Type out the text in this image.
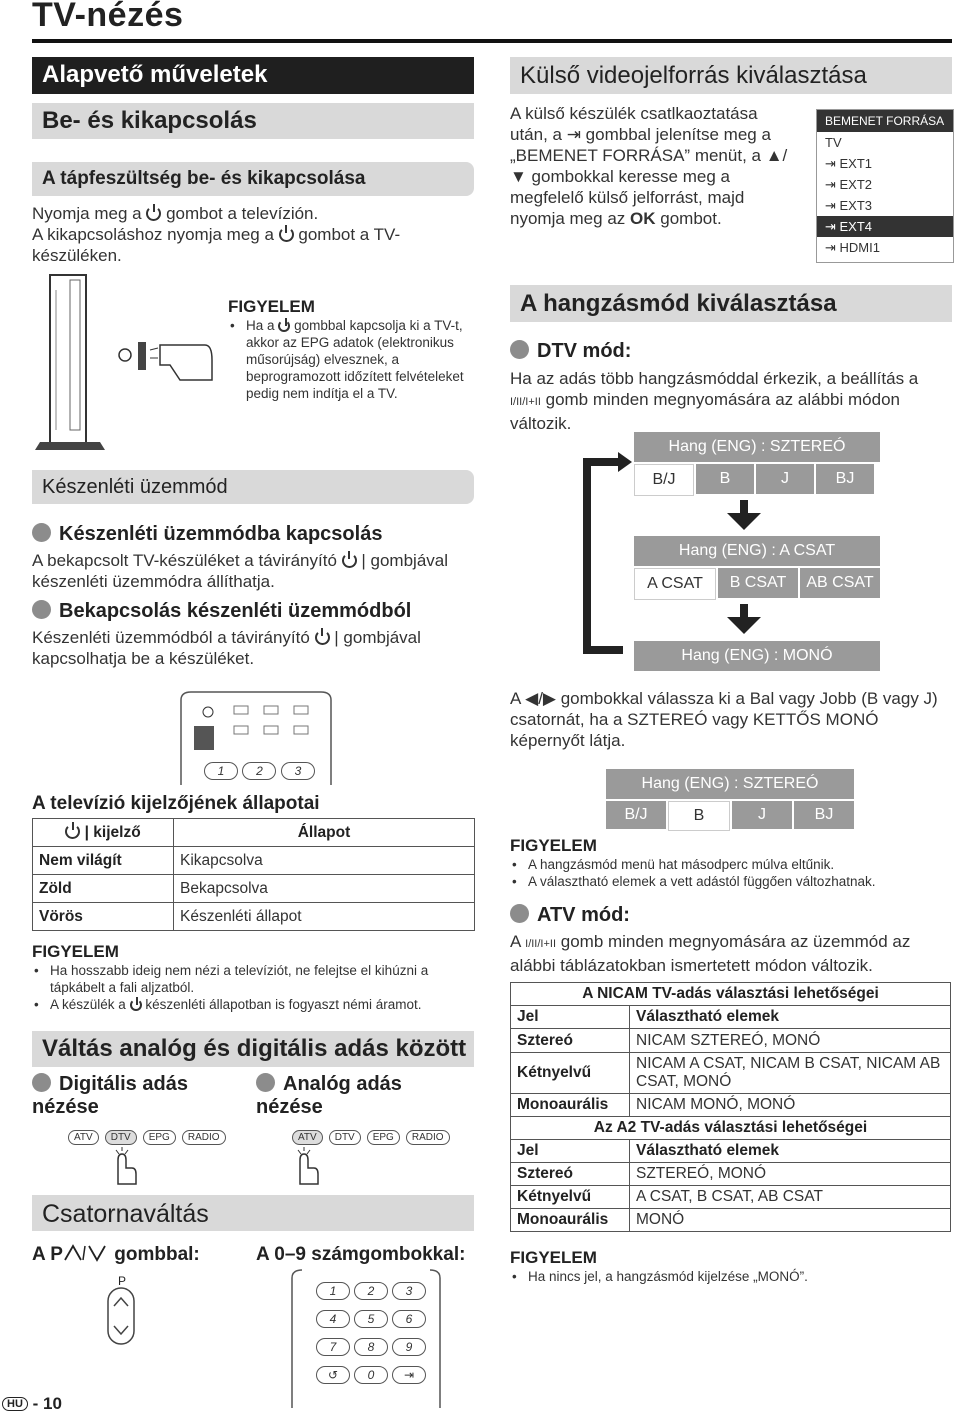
TV-nézés
Alapvető műveletek
Be- és kikapcsolás
A tápfeszültség be- és kikapcsolása
Nyomja meg a gombot a televízión.
A kikapcsoláshoz nyomja meg a gombot a TV-
készüléken.
FIGYELEM
• Ha a gombbal kapcsolja ki a TV-t, akkor az EPG adatok (elektronikus műsorújság) elvesznek, a beprogramozott időzített felvételeket pedig nem indítja el a TV.
Készenléti üzemmód
Készenléti üzemmódba kapcsolás
A bekapcsolt TV-készüléket a távirányító  | gombjával készenléti üzemmódra állíthatja.
Bekapcsolás készenléti üzemmódból
Készenléti üzemmódból a távirányító  | gombjával kapcsolhatja be a készüléket.
1	2	3
A televízió kijelzőjének állapotai
| kijelző	Állapot
Nem világít	Kikapcsolva
Zöld	Bekapcsolva
Vörös	Készenléti állapot
FIGYELEM
• Ha hosszabb ideig nem nézi a televíziót, ne felejtse el kihúzni a tápkábelt a fali aljzatból.
• A készülék a készenléti állapotban is fogyaszt némi áramot.
Váltás analóg és digitális adás között
Digitális adás nézése
Analóg adás nézése
ATV DTV EPG RADIO	ATV DTV EPG RADIO
Csatornaváltás
A P	gombbal:	A 0–9 számgombokkal:
P
1	2	3
4	5	6
7	8	9
↺	0	⇥
HU - 10
Külső videojelforrás kiválasztása
A külső készülék csatlkaoztatása után, a ⇥ gombbal jelenítse meg a „BEMENET FORRÁSA” menüt, a ▲/▼ gombokkal keresse meg a megfelelő külső jelforrást, majd nyomja meg az OK gombot.
BEMENET FORRÁSA
TV
⇥ EXT1
⇥ EXT2
⇥ EXT3
⇥ EXT4
⇥ HDMI1
A hangzásmód kiválasztása
DTV mód:
Ha az adás több hangzásmóddal érkezik, a beállítás a I/II/I+II gomb minden megnyomására az alábbi módon változik.
Hang (ENG) : SZTEREÓ
B/J	B	J	BJ
Hang (ENG) : A CSAT
A CSAT	B CSAT	AB CSAT
Hang (ENG) : MONÓ
A ◀/▶ gombokkal válassza ki a Bal vagy Jobb (B vagy J) csatornát, ha a SZTEREÓ vagy KETTŐS MONÓ képernyőt látja.
Hang (ENG) : SZTEREÓ
B/J	B	J	BJ
FIGYELEM
• A hangzásmód menü hat másodperc múlva eltűnik.
• A választható elemek a vett adástól függően változhatnak.
ATV mód:
A I/II/I+II gomb minden megnyomására az üzemmód az alábbi táblázatokban ismertetett módon változik.
A NICAM TV-adás választási lehetőségei	
Jel	Választható elemek
Sztereó	NICAM SZTEREÓ, MONÓ
Kétnyelvű	NICAM A CSAT, NICAM B CSAT, NICAM AB CSAT, MONÓ
Monoaurális	NICAM MONÓ, MONÓ
Az A2 TV-adás választási lehetőségei	
Jel	Választható elemek
Sztereó	SZTEREÓ, MONÓ
Kétnyelvű	A CSAT, B CSAT, AB CSAT
Monoaurális	MONÓ
FIGYELEM
• Ha nincs jel, a hangzásmód kijelzése „MONÓ”.
